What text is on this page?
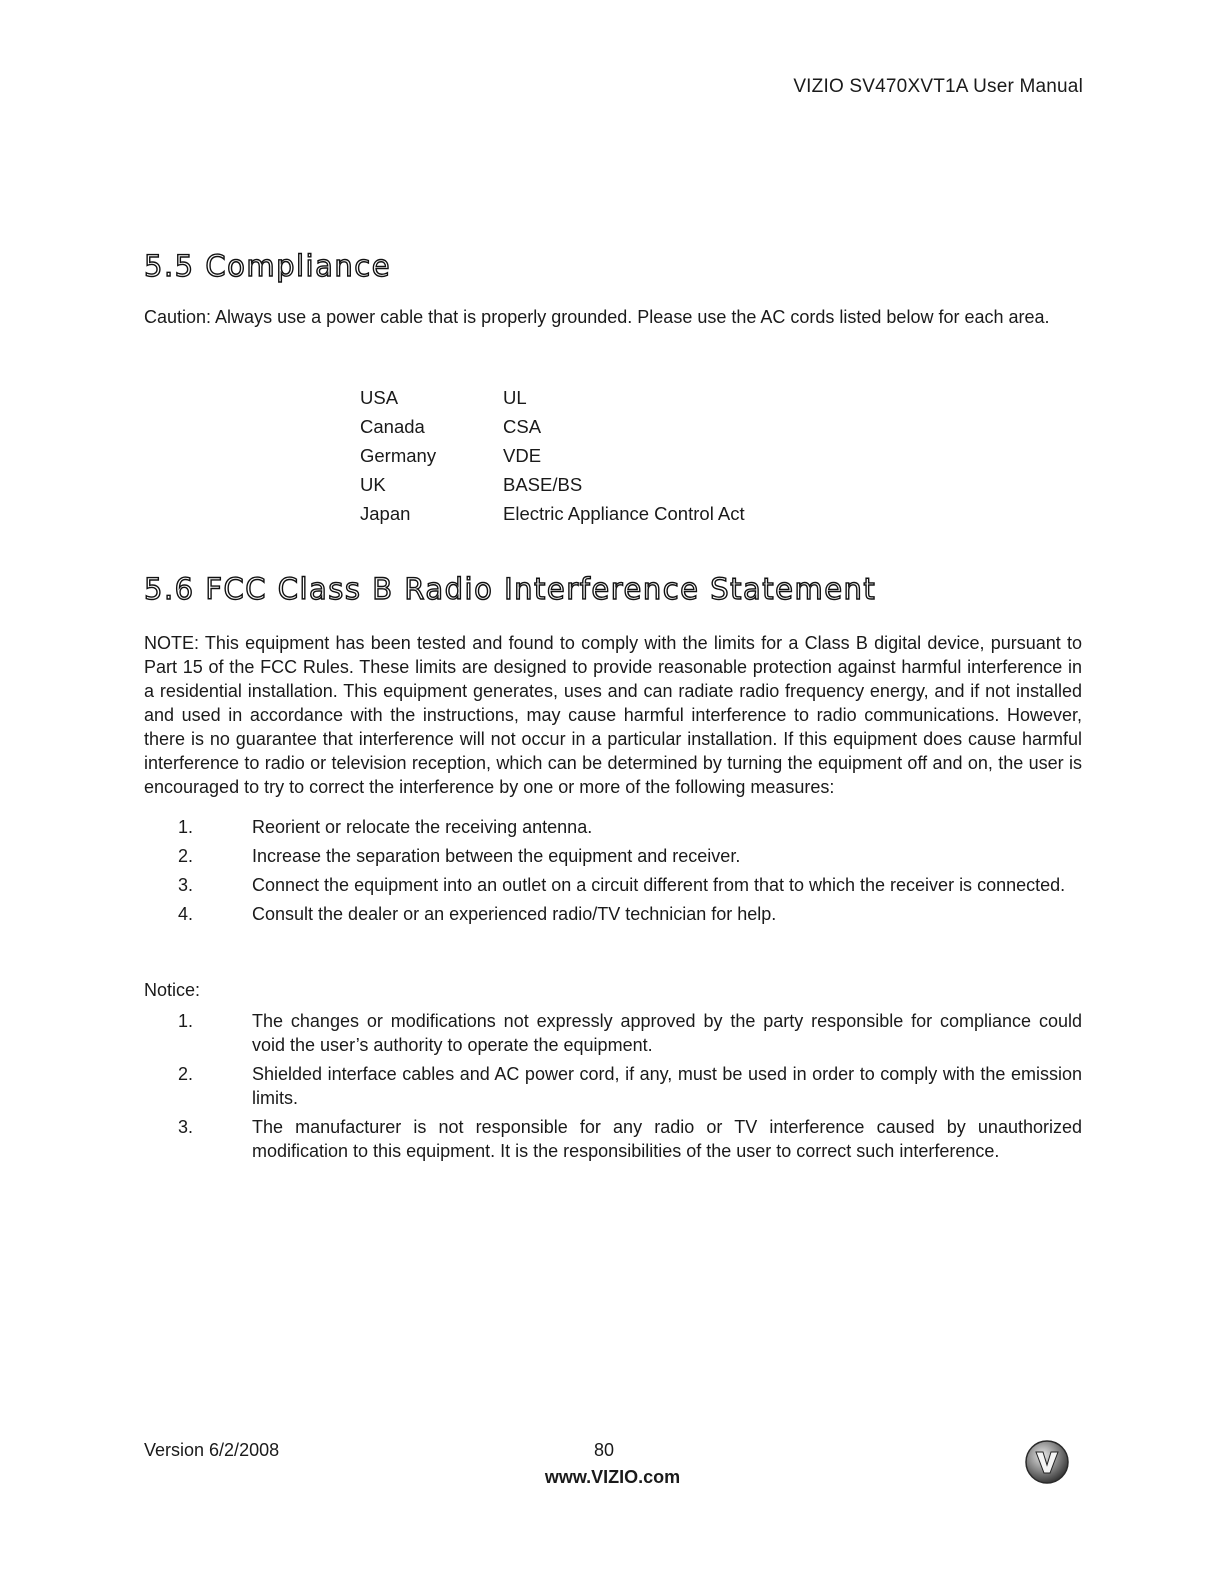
VIZIO SV470XVT1A User Manual
5.5 Compliance

Caution: Always use a power cable that is properly grounded. Please use the AC cords listed below for each area.

USA	UL
Canada	CSA
Germany	VDE
UK	BASE/BS
Japan	Electric Appliance Control Act
5.6 FCC Class B Radio Interference Statement

NOTE: This equipment has been tested and found to comply with the limits for a Class B digital device, pursuant to Part 15 of the FCC Rules. These limits are designed to provide reasonable protection against harmful interference in a residential installation. This equipment generates, uses and can radiate radio frequency energy, and if not installed and used in accordance with the instructions, may cause harmful interference to radio communications. However, there is no guarantee that interference will not occur in a particular installation. If this equipment does cause harmful interference to radio or television reception, which can be determined by turning the equipment off and on, the user is encouraged to try to correct the interference by one or more of the following measures:

1.	Reorient or relocate the receiving antenna.
2.	Increase the separation between the equipment and receiver.
3.	Connect the equipment into an outlet on a circuit different from that to which the receiver is connected.
4.	Consult the dealer or an experienced radio/TV technician for help.
Notice:
1.	The changes or modifications not expressly approved by the party responsible for compliance could void the user’s authority to operate the equipment.
2.	Shielded interface cables and AC power cord, if any, must be used in order to comply with the emission limits.
3.	The manufacturer is not responsible for any radio or TV interference caused by unauthorized modification to this equipment. It is the responsibilities of the user to correct such interference.
Version 6/2/2008	80
www.VIZIO.com
